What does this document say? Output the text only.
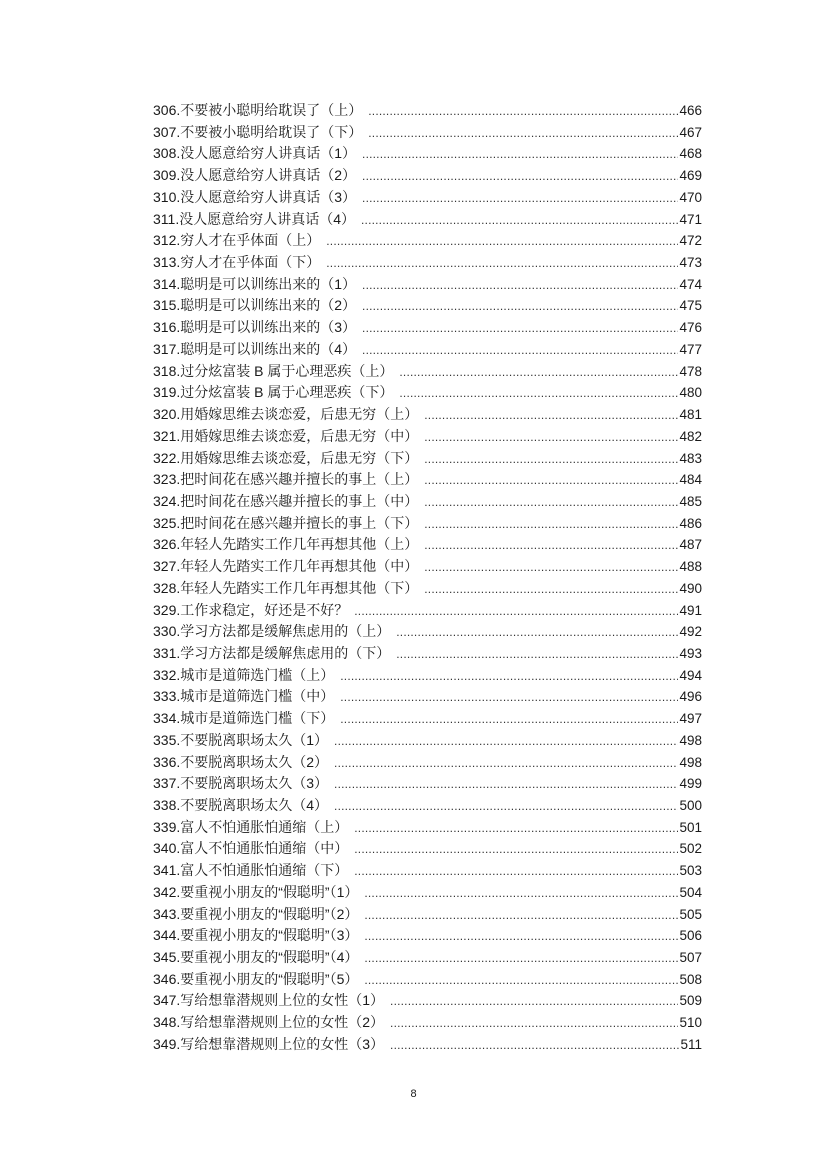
306.不要被小聪明给耽误了（上） .....	466
307.不要被小聪明给耽误了（下） .....	467
308.没人愿意给穷人讲真话（1） .....	468
309.没人愿意给穷人讲真话（2） .....	469
310.没人愿意给穷人讲真话（3） .....	470
311.没人愿意给穷人讲真话（4） .....	471
312.穷人才在乎体面（上） .....	472
313.穷人才在乎体面（下） .....	473
314.聪明是可以训练出来的（1） .....	474
315.聪明是可以训练出来的（2） .....	475
316.聪明是可以训练出来的（3） .....	476
317.聪明是可以训练出来的（4） .....	477
318.过分炫富装 B 属于心理恶疾（上） .....	478
319.过分炫富装 B 属于心理恶疾（下） .....	480
320.用婚嫁思维去谈恋爱，后患无穷（上） .....	481
321.用婚嫁思维去谈恋爱，后患无穷（中） .....	482
322.用婚嫁思维去谈恋爱，后患无穷（下） .....	483
323.把时间花在感兴趣并擅长的事上（上） .....	484
324.把时间花在感兴趣并擅长的事上（中） .....	485
325.把时间花在感兴趣并擅长的事上（下） .....	486
326.年轻人先踏实工作几年再想其他（上） .....	487
327.年轻人先踏实工作几年再想其他（中） .....	488
328.年轻人先踏实工作几年再想其他（下） .....	490
329.工作求稳定，好还是不好？ .....	491
330.学习方法都是缓解焦虑用的（上） .....	492
331.学习方法都是缓解焦虑用的（下） .....	493
332.城市是道筛选门槛（上） .....	494
333.城市是道筛选门槛（中） .....	496
334.城市是道筛选门槛（下） .....	497
335.不要脱离职场太久（1） .....	498
336.不要脱离职场太久（2） .....	498
337.不要脱离职场太久（3） .....	499
338.不要脱离职场太久（4） .....	500
339.富人不怕通胀怕通缩（上） .....	501
340.富人不怕通胀怕通缩（中） .....	502
341.富人不怕通胀怕通缩（下） .....	503
342.要重视小朋友的“假聪明”（1） .....	504
343.要重视小朋友的“假聪明”（2） .....	505
344.要重视小朋友的“假聪明”（3） .....	506
345.要重视小朋友的“假聪明”（4） .....	507
346.要重视小朋友的“假聪明”（5） .....	508
347.写给想靠潜规则上位的女性（1） .....	509
348.写给想靠潜规则上位的女性（2） .....	510
349.写给想靠潜规则上位的女性（3） .....	511
8
